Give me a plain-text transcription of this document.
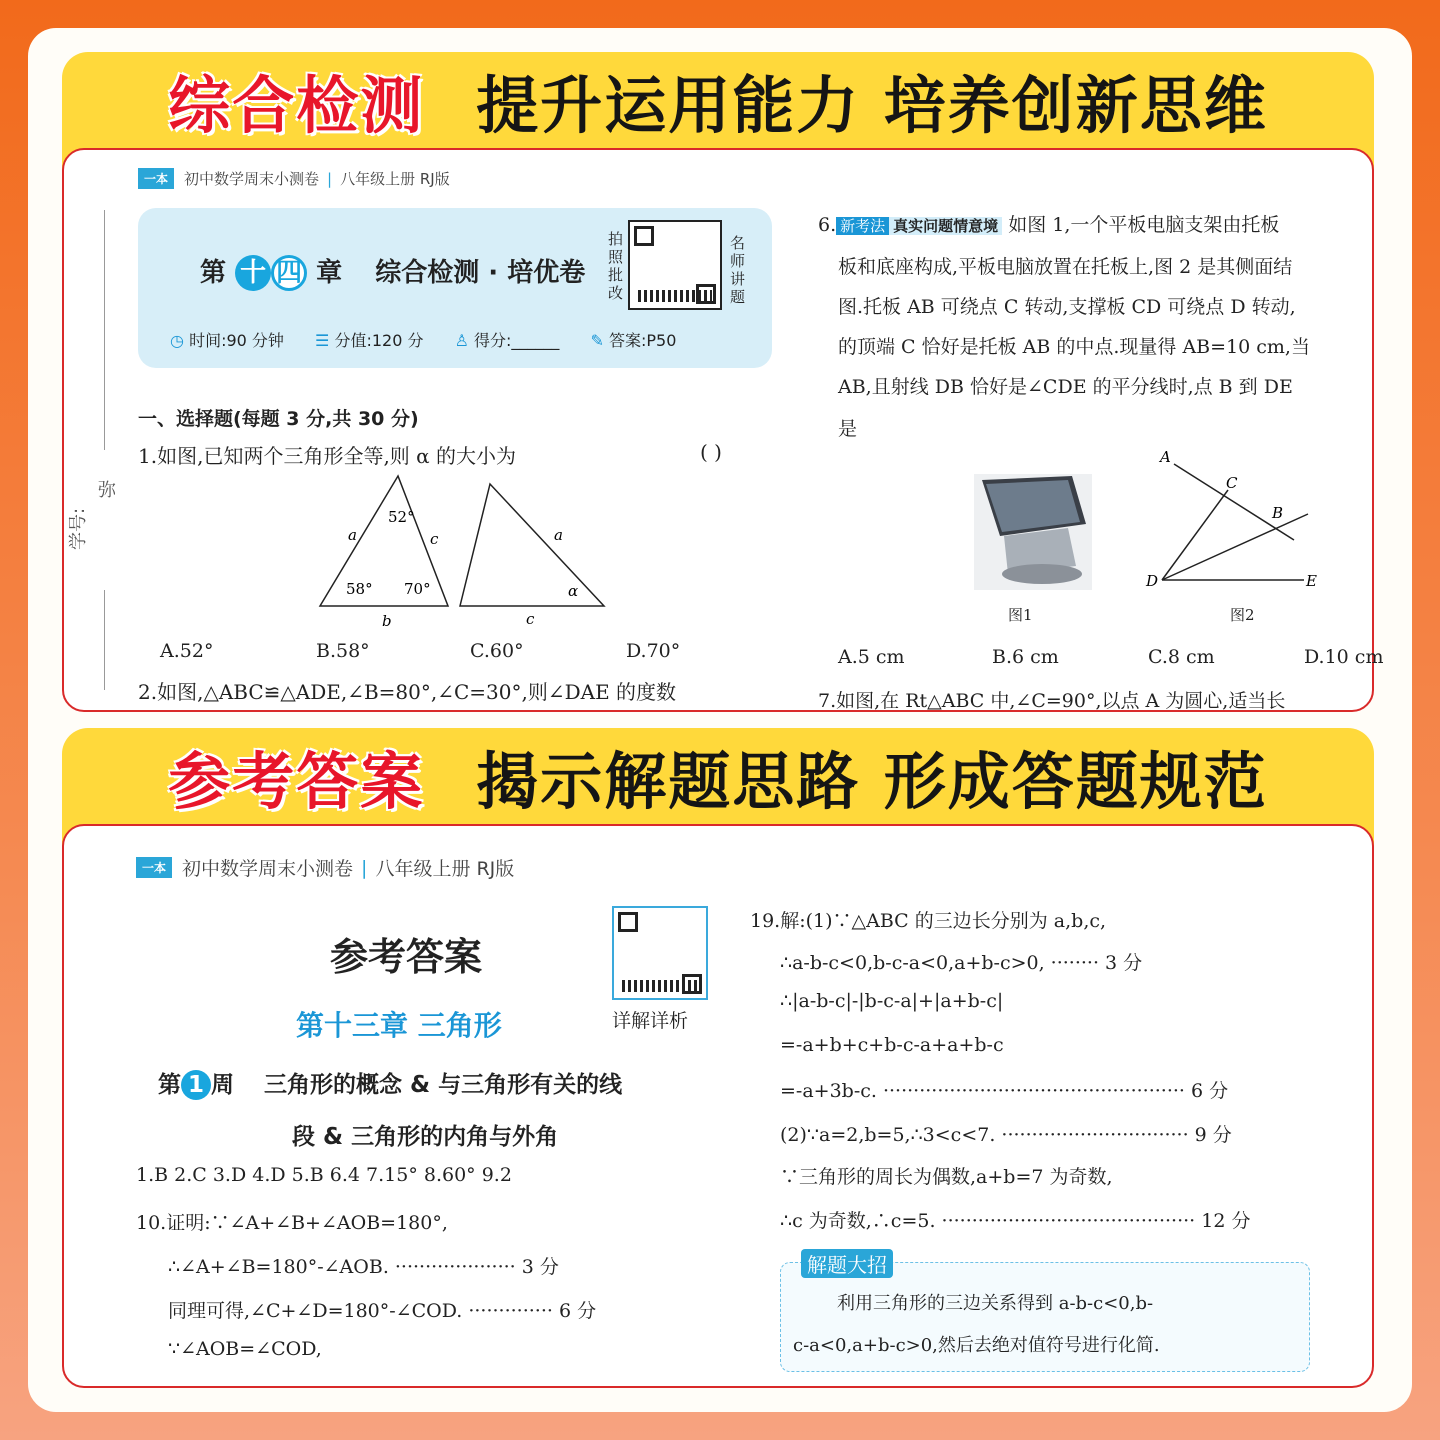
综合检测 提升运用能力 培养创新思维
一本	初中数学周末小测卷 | 八年级上册 RJ版
弥
学号:
第 十 四 章 综合检测 · 培优卷
拍照批改
名师讲题
◷ 时间:90 分钟 ☰ 分值:120 分 ♙ 得分:______ ✎ 答案:P50
一、选择题(每题 3 分,共 30 分)
1.如图,已知两个三角形全等,则 α 的大小为	( )
52°
a	c
58° 70°
b
a
α
c
A.52°	B.58°	C.60°	D.70°
2.如图,△ABC≌△ADE,∠B=80°,∠C=30°,则∠DAE 的度数
6. 新考法 真实问题情意境 如图 1,一个平板电脑支架由托板
板和底座构成,平板电脑放置在托板上,图 2 是其侧面结
图.托板 AB 可绕点 C 转动,支撑板 CD 可绕点 D 转动,
的顶端 C 恰好是托板 AB 的中点.现量得 AB=10 cm,当
AB,且射线 DB 恰好是∠CDE 的平分线时,点 B 到 DE
是
图1
A
C
B
D	E
图2
A.5 cm	B.6 cm	C.8 cm	D.10 cm
7.如图,在 Rt△ABC 中,∠C=90°,以点 A 为圆心,适当长
参考答案 揭示解题思路 形成答题规范
一本 初中数学周末小测卷 | 八年级上册 RJ版
参考答案
详解详析
第十三章 三角形
第 1 周 三角形的概念 & 与三角形有关的线
段 & 三角形的内角与外角
1.B 2.C 3.D 4.D 5.B 6.4 7.15° 8.60° 9.2
10.证明:∵∠A+∠B+∠AOB=180°,
∴∠A+∠B=180°-∠AOB. ···················· 3 分
同理可得,∠C+∠D=180°-∠COD. ·············· 6 分
∵∠AOB=∠COD,
19.解:(1)∵△ABC 的三边长分别为 a,b,c,
∴a-b-c<0,b-c-a<0,a+b-c>0, ········ 3 分
∴|a-b-c|-|b-c-a|+|a+b-c|
=-a+b+c+b-c-a+a+b-c
=-a+3b-c. ·················································· 6 分
(2)∵a=2,b=5,∴3<c<7. ······························· 9 分
∵三角形的周长为偶数,a+b=7 为奇数,
∴c 为奇数,∴c=5. ·········································· 12 分
解题大招
利用三角形的三边关系得到 a-b-c<0,b-
c-a<0,a+b-c>0,然后去绝对值符号进行化简.
